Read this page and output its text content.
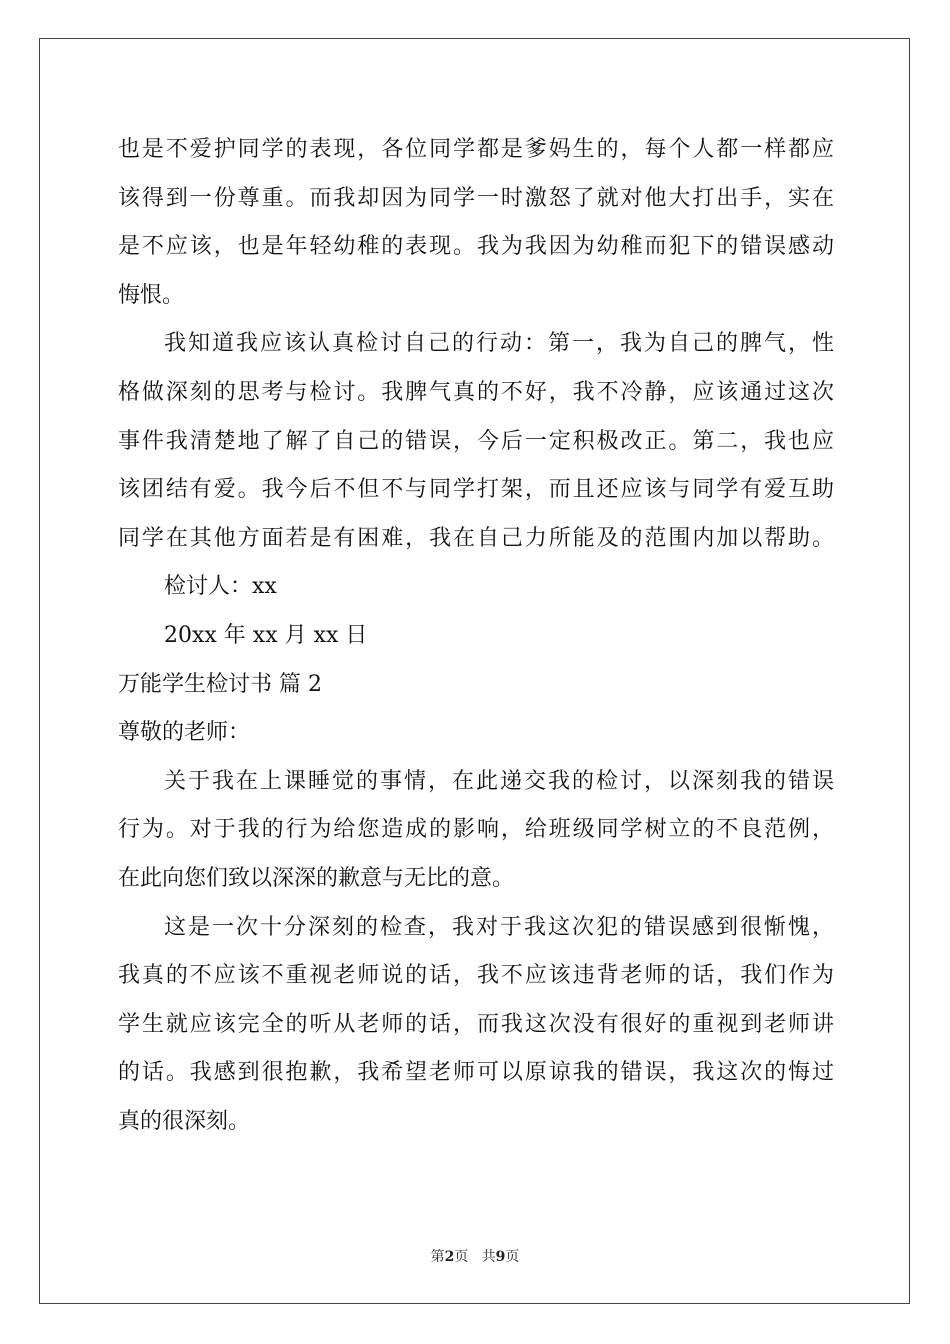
也是不爱护同学的表现，各位同学都是爹妈生的，每个人都一样都应
该得到一份尊重。而我却因为同学一时激怒了就对他大打出手，实在
是不应该，也是年轻幼稚的表现。我为我因为幼稚而犯下的错误感动
悔恨。
我知道我应该认真检讨自己的行动：第一，我为自己的脾气，性
格做深刻的思考与检讨。我脾气真的不好，我不冷静，应该通过这次
事件我清楚地了解了自己的错误，今后一定积极改正。第二，我也应
该团结有爱。我今后不但不与同学打架，而且还应该与同学有爱互助
同学在其他方面若是有困难，我在自己力所能及的范围内加以帮助。
检讨人：xx
20xx 年 xx 月 xx 日
万能学生检讨书 篇 2
尊敬的老师：
关于我在上课睡觉的事情，在此递交我的检讨，以深刻我的错误
行为。对于我的行为给您造成的影响，给班级同学树立的不良范例，
在此向您们致以深深的歉意与无比的意。
这是一次十分深刻的检查，我对于我这次犯的错误感到很惭愧，
我真的不应该不重视老师说的话，我不应该违背老师的话，我们作为
学生就应该完全的听从老师的话，而我这次没有很好的重视到老师讲
的话。我感到很抱歉，我希望老师可以原谅我的错误，我这次的悔过
真的很深刻。
第2页 共9页
